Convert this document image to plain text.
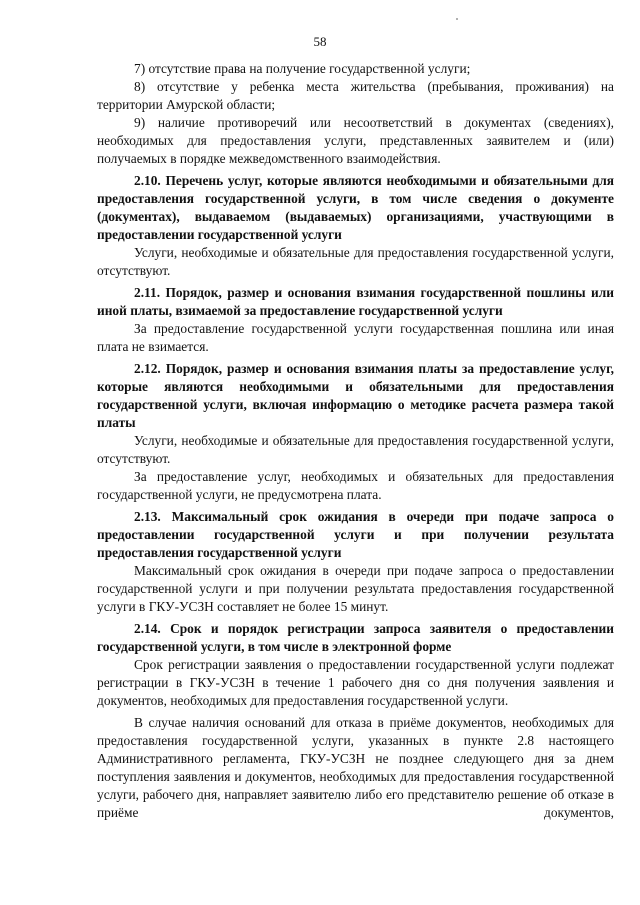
58

7) отсутствие права на получение государственной услуги;

8) отсутствие у ребенка места жительства (пребывания, проживания) на территории Амурской области;

9) наличие противоречий или несоответствий в документах (сведениях), необходимых для предоставления услуги, представленных заявителем и (или) получаемых в порядке межведомственного взаимодействия.

2.10. Перечень услуг, которые являются необходимыми и обязательными для предоставления государственной услуги, в том числе сведения о документе (документах), выдаваемом (выдаваемых) организациями, участвующими в предоставлении государственной услуги

Услуги, необходимые и обязательные для предоставления государственной услуги, отсутствуют.

2.11. Порядок, размер и основания взимания государственной пошлины или иной платы, взимаемой за предоставление государственной услуги

За предоставление государственной услуги государственная пошлина или иная плата не взимается.

2.12. Порядок, размер и основания взимания платы за предоставление услуг, которые являются необходимыми и обязательными для предоставления государственной услуги, включая информацию о методике расчета размера такой платы

Услуги, необходимые и обязательные для предоставления государственной услуги, отсутствуют.

За предоставление услуг, необходимых и обязательных для предоставления государственной услуги, не предусмотрена плата.

2.13. Максимальный срок ожидания в очереди при подаче запроса о предоставлении государственной услуги и при получении результата предоставления государственной услуги

Максимальный срок ожидания в очереди при подаче запроса о предоставлении государственной услуги и при получении результата предоставления государственной услуги в ГКУ-УСЗН составляет не более 15 минут.

2.14. Срок и порядок регистрации запроса заявителя о предоставлении государственной услуги, в том числе в электронной форме

Срок регистрации заявления о предоставлении государственной услуги подлежат регистрации в ГКУ-УСЗН в течение 1 рабочего дня со дня получения заявления и документов, необходимых для предоставления государственной услуги.

В случае наличия оснований для отказа в приёме документов, необходимых для предоставления государственной услуги, указанных в пункте 2.8 настоящего Административного регламента, ГКУ-УСЗН не позднее следующего дня за днем поступления заявления и документов, необходимых для предоставления государственной услуги, рабочего дня, направляет заявителю либо его представителю решение об отказе в приёме документов,
